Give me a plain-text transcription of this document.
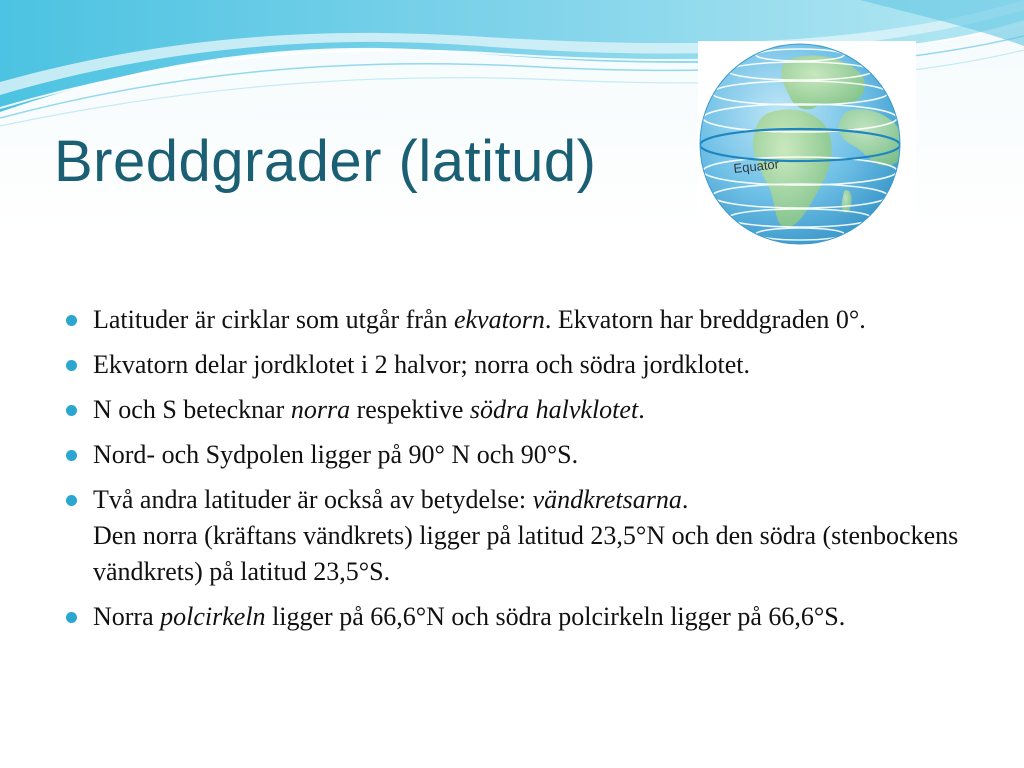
Breddgrader (latitud)	Equator
Latituder är cirklar som utgår från ekvatorn. Ekvatorn har breddgraden 0°.
Ekvatorn delar jordklotet i 2 halvor; norra och södra jordklotet.
N och S betecknar norra respektive södra halvklotet.
Nord- och Sydpolen ligger på 90° N och 90°S.
Två andra latituder är också av betydelse: vändkretsarna.
Den norra (kräftans vändkrets) ligger på latitud 23,5°N och den södra (stenbockens vändkrets) på latitud 23,5°S.
Norra polcirkeln ligger på 66,6°N och södra polcirkeln ligger på 66,6°S.
